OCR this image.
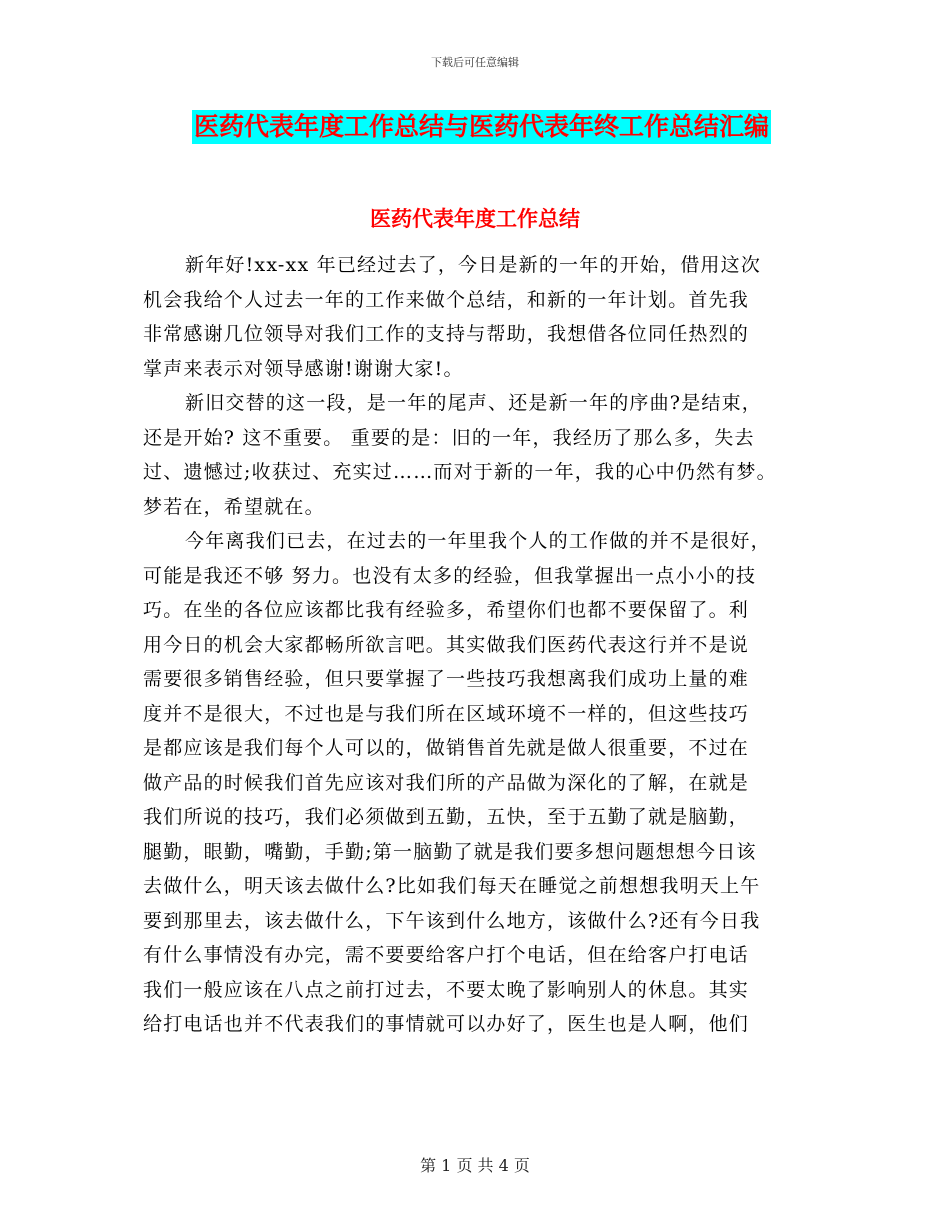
下载后可任意编辑
医药代表年度工作总结与医药代表年终工作总结汇编
医药代表年度工作总结
新年好!xx-xx 年已经过去了，今日是新的一年的开始，借用这次
机会我给个人过去一年的工作来做个总结，和新的一年计划。首先我
非常感谢几位领导对我们工作的支持与帮助，我想借各位同任热烈的
掌声来表示对领导感谢!谢谢大家!。
新旧交替的这一段，是一年的尾声、还是新一年的序曲?是结束，
还是开始? 这不重要。 重要的是：旧的一年，我经历了那么多，失去
过、遗憾过;收获过、充实过……而对于新的一年，我的心中仍然有梦。
梦若在，希望就在。
今年离我们已去，在过去的一年里我个人的工作做的并不是很好，
可能是我还不够 努力。也没有太多的经验，但我掌握出一点小小的技
巧。在坐的各位应该都比我有经验多，希望你们也都不要保留了。利
用今日的机会大家都畅所欲言吧。其实做我们医药代表这行并不是说
需要很多销售经验，但只要掌握了一些技巧我想离我们成功上量的难
度并不是很大，不过也是与我们所在区域环境不一样的，但这些技巧
是都应该是我们每个人可以的，做销售首先就是做人很重要，不过在
做产品的时候我们首先应该对我们所的产品做为深化的了解，在就是
我们所说的技巧，我们必须做到五勤，五快，至于五勤了就是脑勤，
腿勤，眼勤，嘴勤，手勤;第一脑勤了就是我们要多想问题想想今日该
去做什么，明天该去做什么?比如我们每天在睡觉之前想想我明天上午
要到那里去，该去做什么，下午该到什么地方，该做什么?还有今日我
有什么事情没有办完，需不要要给客户打个电话，但在给客户打电话
我们一般应该在八点之前打过去，不要太晚了影响别人的休息。其实
给打电话也并不代表我们的事情就可以办好了，医生也是人啊，他们
第 1 页 共 4 页
